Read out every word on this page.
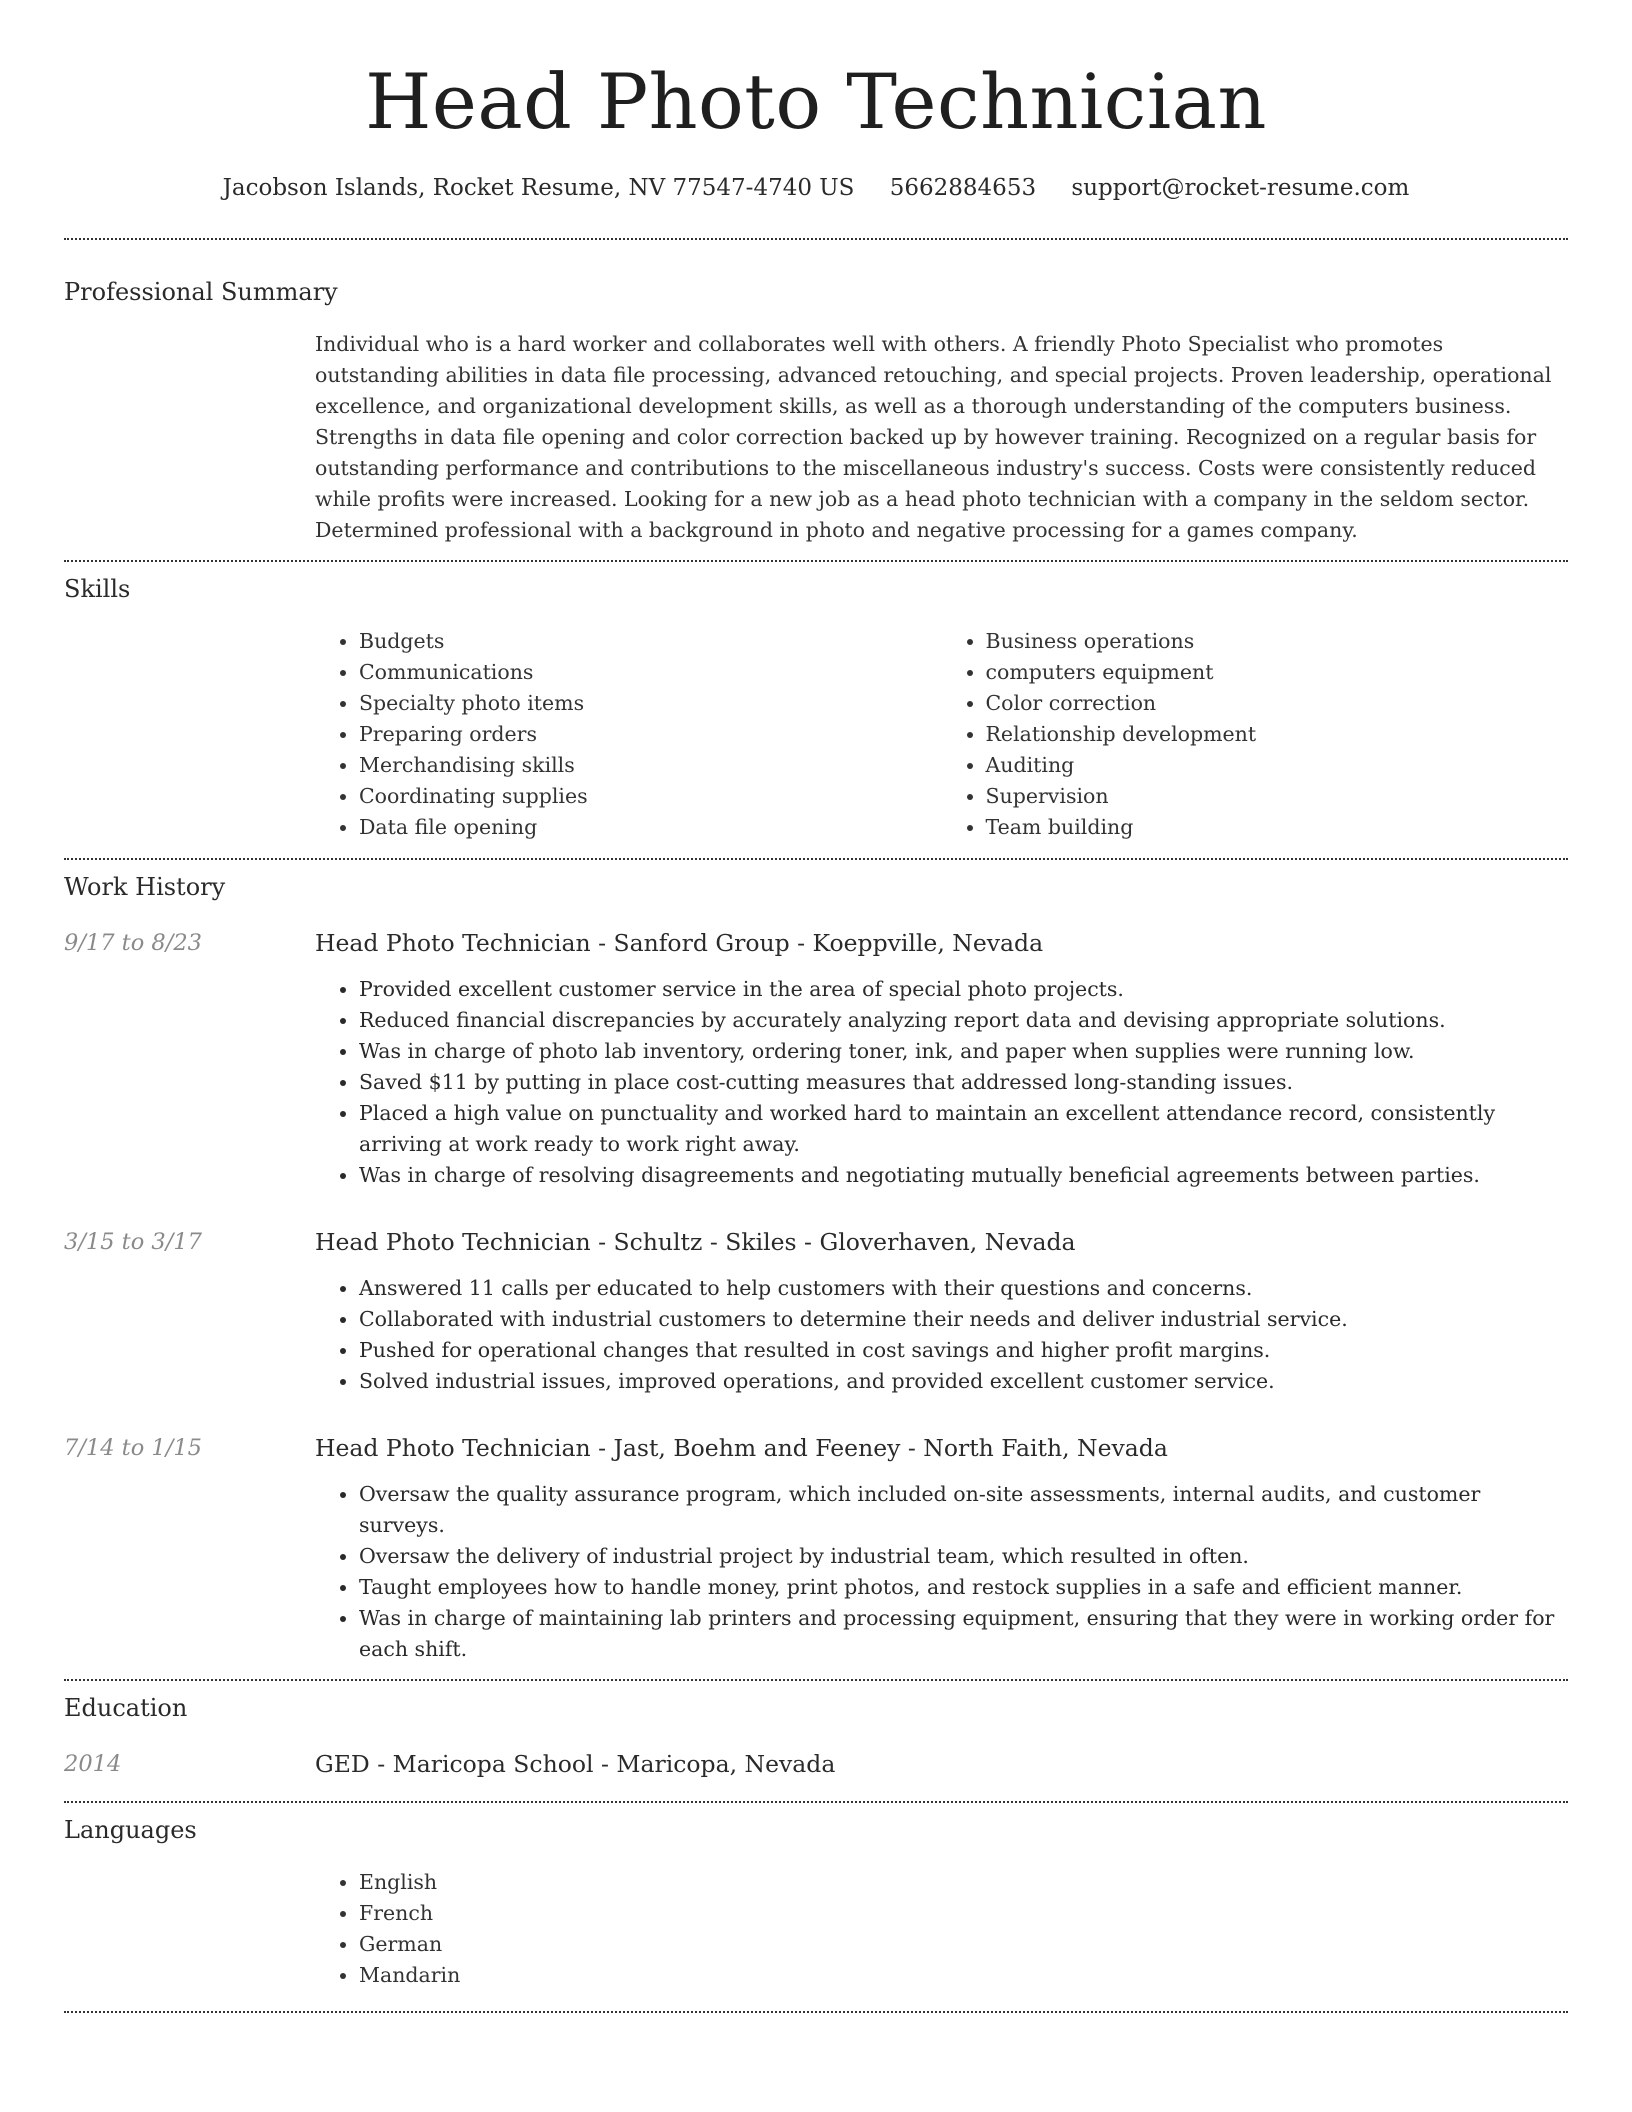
Head Photo Technician
Jacobson Islands, Rocket Resume, NV 77547-4740 US 5662884653 support@rocket-resume.com
Professional Summary

Individual who is a hard worker and collaborates well with others. A friendly Photo Specialist who promotes outstanding abilities in data file processing, advanced retouching, and special projects. Proven leadership, operational excellence, and organizational development skills, as well as a thorough understanding of the computers business. Strengths in data file opening and color correction backed up by however training. Recognized on a regular basis for outstanding performance and contributions to the miscellaneous industry's success. Costs were consistently reduced while profits were increased. Looking for a new job as a head photo technician with a company in the seldom sector. Determined professional with a background in photo and negative processing for a games company.

Skills
• Budgets
• Communications
• Specialty photo items
• Preparing orders
• Merchandising skills
• Coordinating supplies
• Data file opening
• Business operations
• computers equipment
• Color correction
• Relationship development
• Auditing
• Supervision
• Team building
Work History
9/17 to 8/23	Head Photo Technician - Sanford Group - Koeppville, Nevada
• Provided excellent customer service in the area of special photo projects.
• Reduced financial discrepancies by accurately analyzing report data and devising appropriate solutions.
• Was in charge of photo lab inventory, ordering toner, ink, and paper when supplies were running low.
• Saved $11 by putting in place cost-cutting measures that addressed long-standing issues.
• Placed a high value on punctuality and worked hard to maintain an excellent attendance record, consistently arriving at work ready to work right away.
• Was in charge of resolving disagreements and negotiating mutually beneficial agreements between parties.
3/15 to 3/17	Head Photo Technician - Schultz - Skiles - Gloverhaven, Nevada
• Answered 11 calls per educated to help customers with their questions and concerns.
• Collaborated with industrial customers to determine their needs and deliver industrial service.
• Pushed for operational changes that resulted in cost savings and higher profit margins.
• Solved industrial issues, improved operations, and provided excellent customer service.
7/14 to 1/15	Head Photo Technician - Jast, Boehm and Feeney - North Faith, Nevada
• Oversaw the quality assurance program, which included on-site assessments, internal audits, and customer surveys.
• Oversaw the delivery of industrial project by industrial team, which resulted in often.
• Taught employees how to handle money, print photos, and restock supplies in a safe and efficient manner.
• Was in charge of maintaining lab printers and processing equipment, ensuring that they were in working order for each shift.
Education
2014	GED - Maricopa School - Maricopa, Nevada
Languages
• English
• French
• German
• Mandarin
